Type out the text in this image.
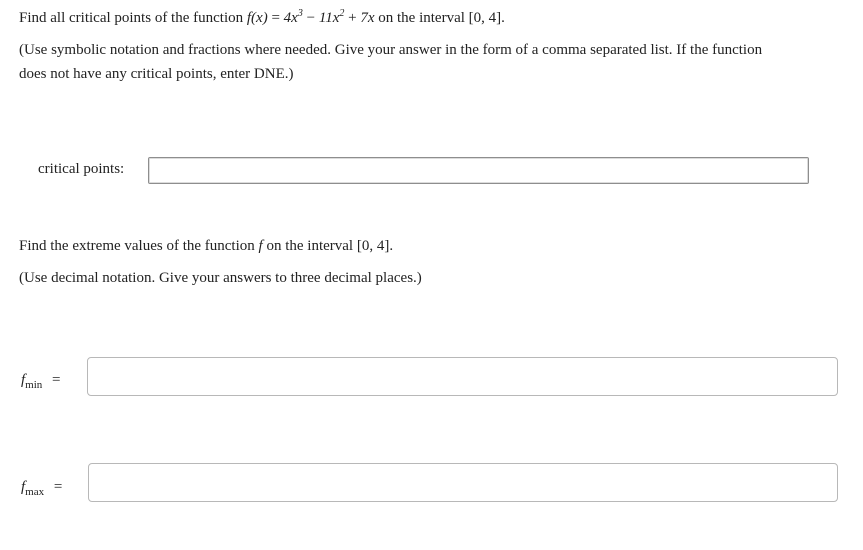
Find all critical points of the function $f(x) = 4x^3 - 11x^2 + 7x$ on the interval [0, 4].
(Use symbolic notation and fractions where needed. Give your answer in the form of a comma separated list. If the function
does not have any critical points, enter DNE.)
critical points:
Find the extreme values of the function f on the interval [0, 4].
(Use decimal notation. Give your answers to three decimal places.)
$f_{min}$ =
$f_{max}$ =
